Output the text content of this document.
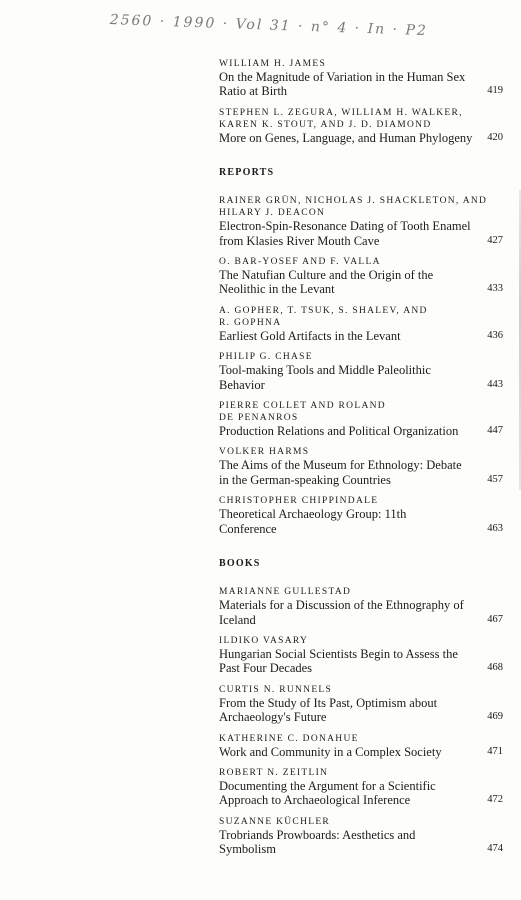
2560 · 1990 · Vol 31 · n° 4 · In · P2

WILLIAM H. JAMES

On the Magnitude of Variation in the Human Sex Ratio at Birth	419

STEPHEN L. ZEGURA, WILLIAM H. WALKER, KAREN K. STOUT, AND J. D. DIAMOND

More on Genes, Language, and Human Phylogeny 420

REPORTS

RAINER GRÜN, NICHOLAS J. SHACKLETON, AND HILARY J. DEACON

Electron-Spin-Resonance Dating of Tooth Enamel from Klasies River Mouth Cave	427

O. BAR-YOSEF AND F. VALLA

The Natufian Culture and the Origin of the Neolithic in the Levant	433

A. GOPHER, T. TSUK, S. SHALEV, AND R. GOPHNA

Earliest Gold Artifacts in the Levant	436

PHILIP G. CHASE

Tool-making Tools and Middle Paleolithic Behavior	443

PIERRE COLLET AND ROLAND DE PENANROS

Production Relations and Political Organization	447

VOLKER HARMS

The Aims of the Museum for Ethnology: Debate in the German-speaking Countries	457

CHRISTOPHER CHIPPINDALE

Theoretical Archaeology Group: 11th Conference	463

BOOKS

MARIANNE GULLESTAD

Materials for a Discussion of the Ethnography of Iceland	467

ILDIKO VASARY

Hungarian Social Scientists Begin to Assess the Past Four Decades	468

CURTIS N. RUNNELS

From the Study of Its Past, Optimism about Archaeology's Future	469

KATHERINE C. DONAHUE

Work and Community in a Complex Society	471

ROBERT N. ZEITLIN

Documenting the Argument for a Scientific Approach to Archaeological Inference	472

SUZANNE KÜCHLER

Trobriands Prowboards: Aesthetics and Symbolism	474
